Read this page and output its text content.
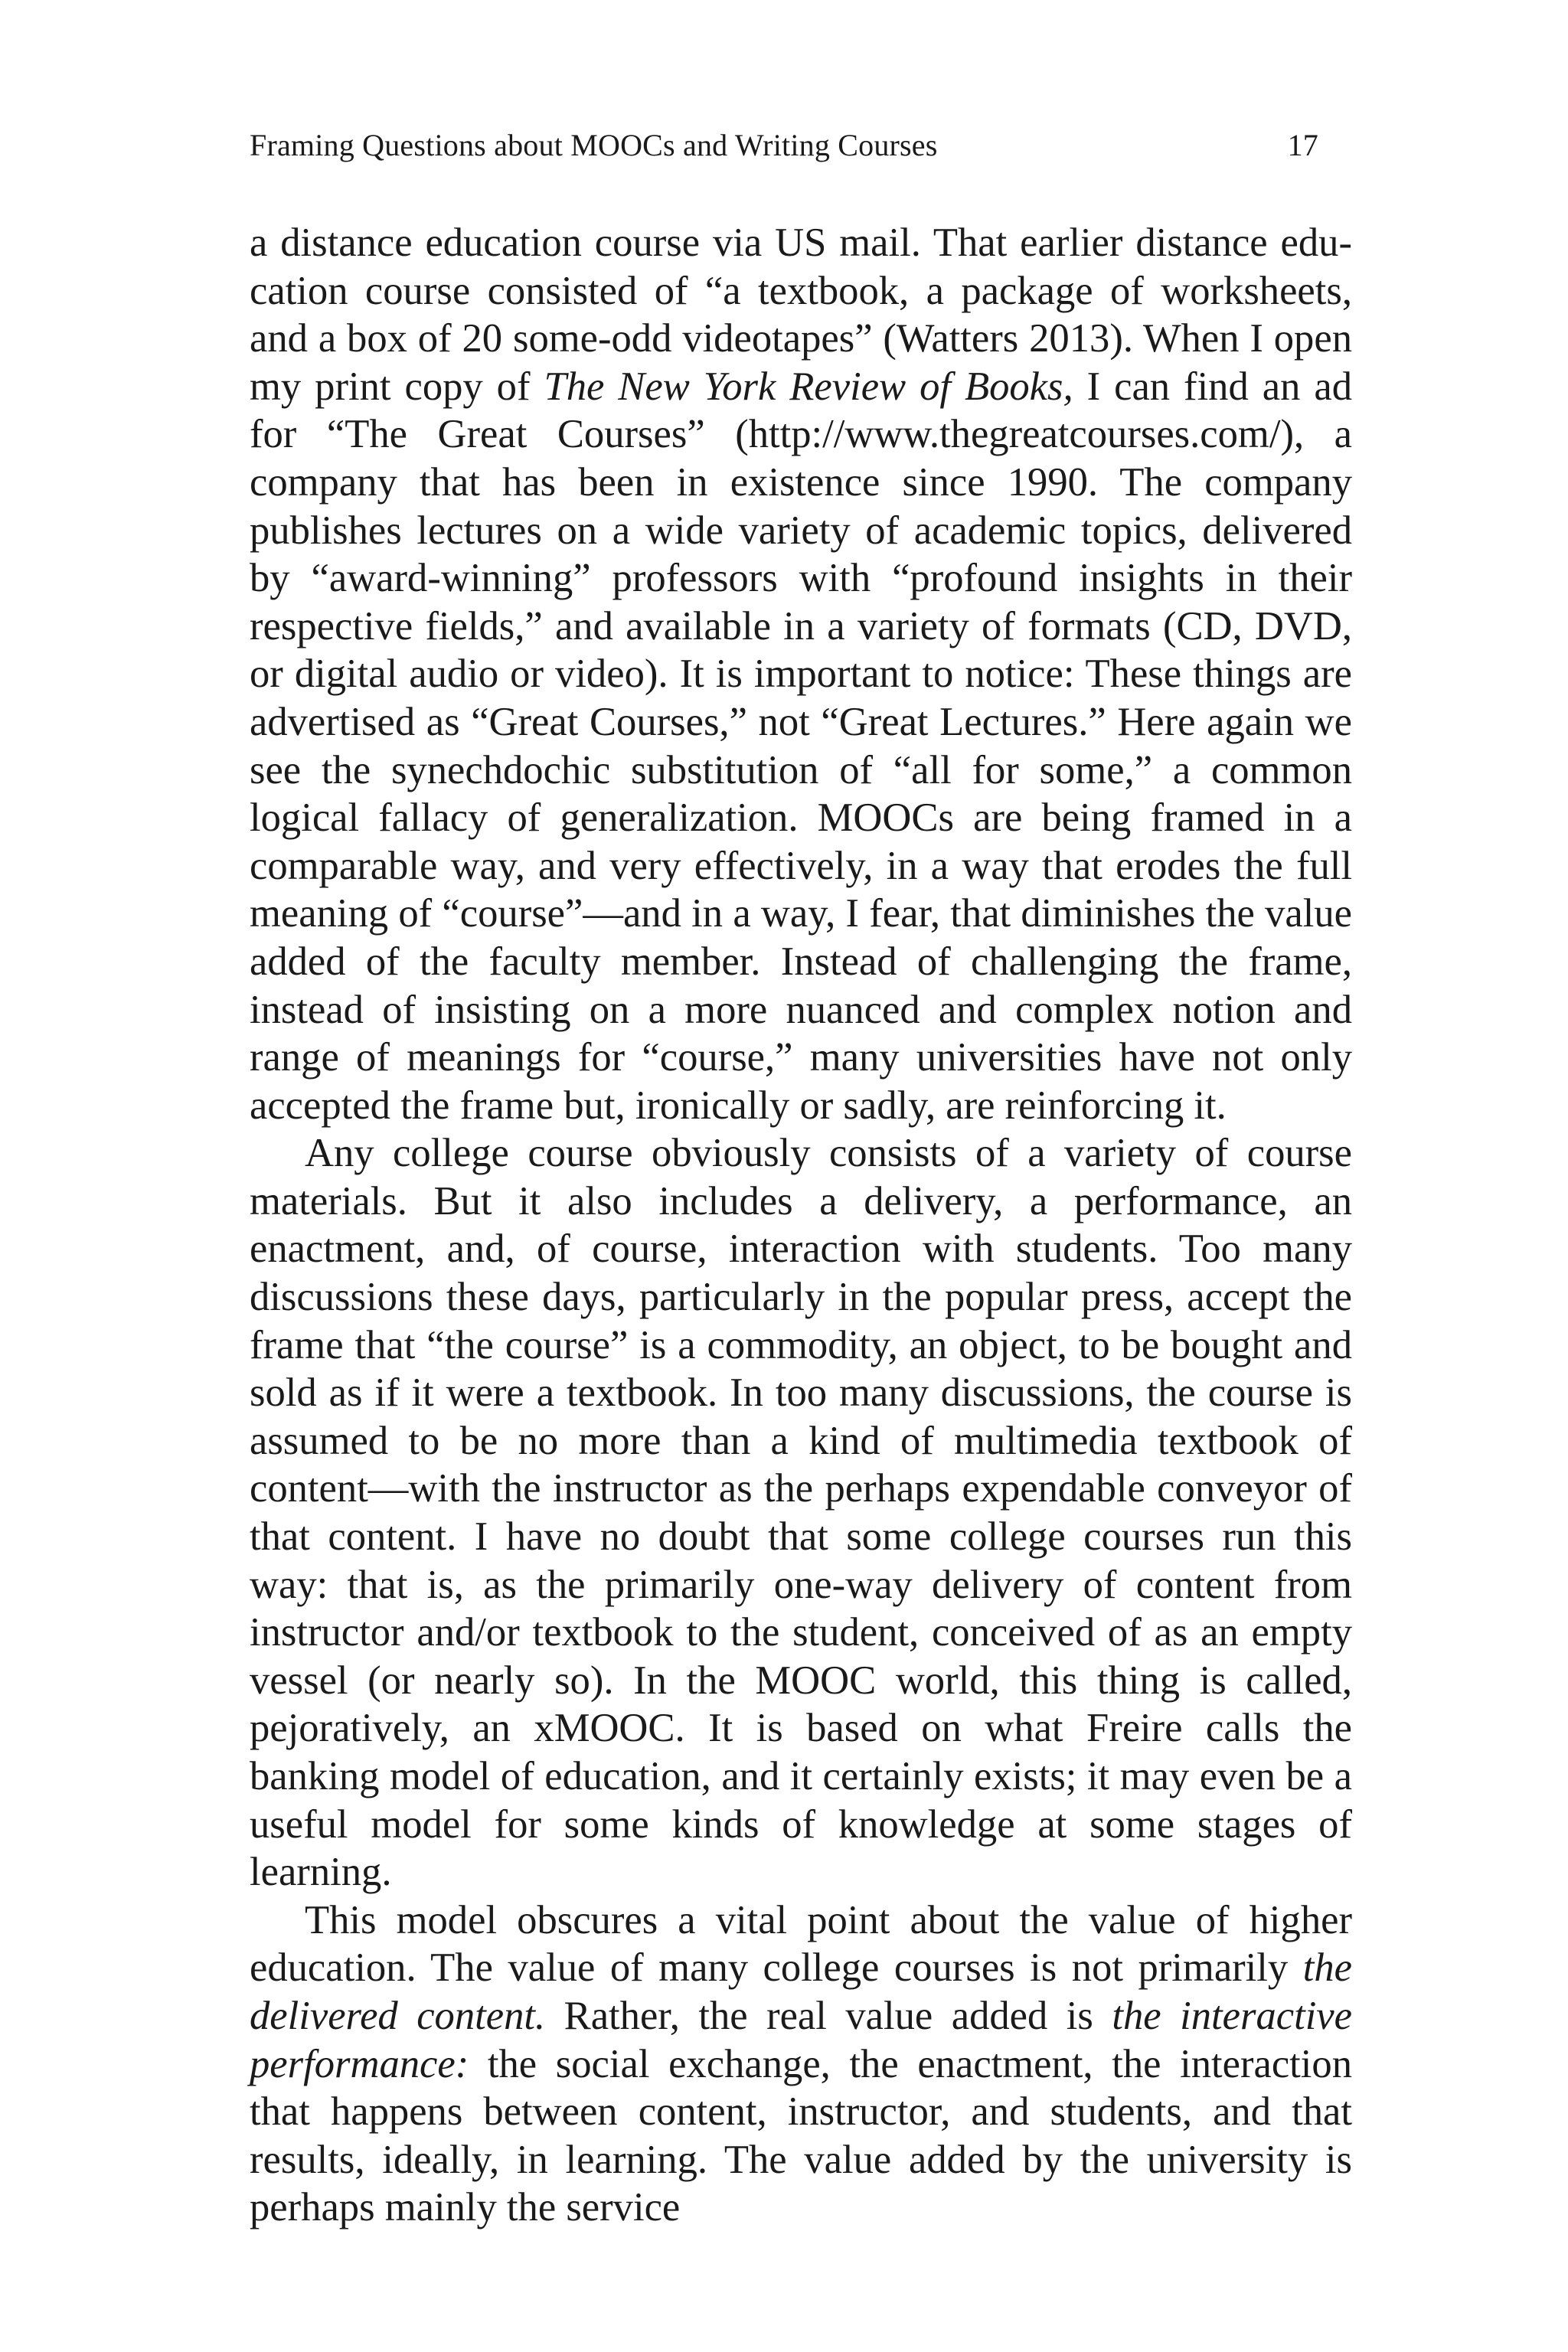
Framing Questions about MOOCs and Writing Courses	17

a distance education course via US mail. That earlier distance education course consisted of “a textbook, a package of worksheets, and a box of 20 some-odd videotapes” (Watters 2013). When I open my print copy of The New York Review of Books, I can find an ad for “The Great Courses” (http://www.thegreatcourses.com/), a company that has been in existence since 1990. The company publishes lectures on a wide variety of academic topics, delivered by “award-winning” professors with “profound insights in their respective fields,” and available in a variety of formats (CD, DVD, or digital audio or video). It is important to notice: These things are advertised as “Great Courses,” not “Great Lectures.” Here again we see the synechdochic substitution of “all for some,” a common logical fallacy of generalization. MOOCs are being framed in a comparable way, and very effectively, in a way that erodes the full meaning of “course”—and in a way, I fear, that diminishes the value added of the faculty member. Instead of challenging the frame, instead of insisting on a more nuanced and complex notion and range of meanings for “course,” many universities have not only accepted the frame but, ironically or sadly, are reinforcing it.

Any college course obviously consists of a variety of course materials. But it also includes a delivery, a performance, an enactment, and, of course, interaction with students. Too many discussions these days, particularly in the popular press, accept the frame that “the course” is a commodity, an object, to be bought and sold as if it were a textbook. In too many discussions, the course is assumed to be no more than a kind of multimedia textbook of content—with the instructor as the perhaps expendable conveyor of that content. I have no doubt that some college courses run this way: that is, as the primarily one-way delivery of content from instructor and/or textbook to the student, conceived of as an empty vessel (or nearly so). In the MOOC world, this thing is called, pejoratively, an xMOOC. It is based on what Freire calls the banking model of education, and it certainly exists; it may even be a useful model for some kinds of knowledge at some stages of learning.

This model obscures a vital point about the value of higher education. The value of many college courses is not primarily the delivered content. Rather, the real value added is the interactive performance: the social exchange, the enactment, the interaction that happens between content, instructor, and students, and that results, ideally, in learning. The value added by the university is perhaps mainly the service
